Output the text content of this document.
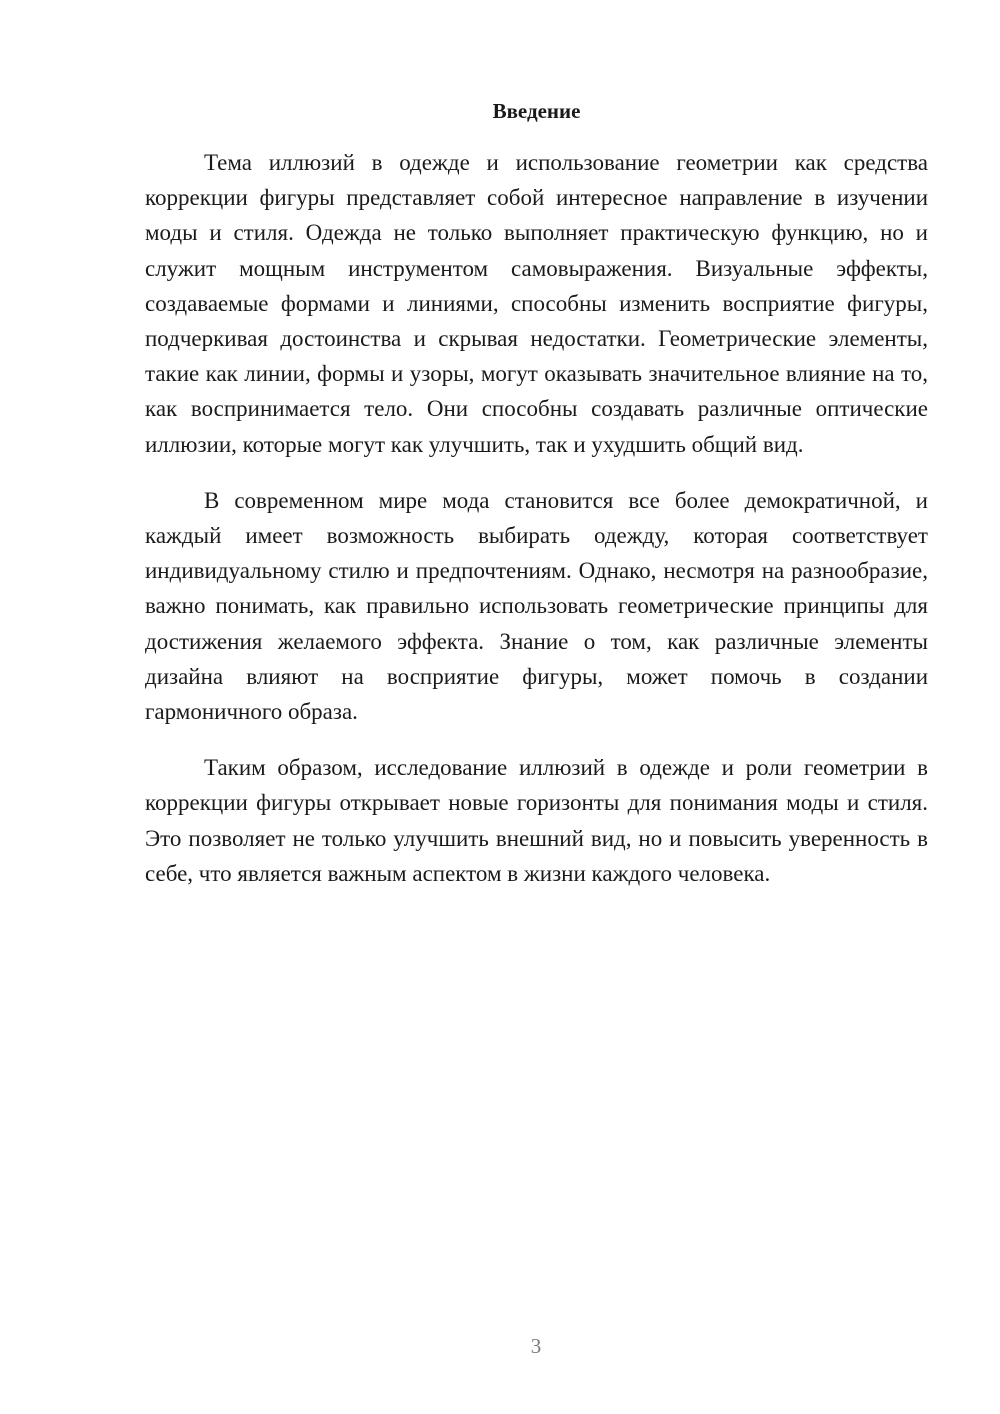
Введение

Тема иллюзий в одежде и использование геометрии как средства коррекции фигуры представляет собой интересное направление в изучении моды и стиля. Одежда не только выполняет практическую функцию, но и служит мощным инструментом самовыражения. Визуальные эффекты, создаваемые формами и линиями, способны изменить восприятие фигуры, подчеркивая достоинства и скрывая недостатки. Геометрические элементы, такие как линии, формы и узоры, могут оказывать значительное влияние на то, как воспринимается тело. Они способны создавать различные оптические иллюзии, которые могут как улучшить, так и ухудшить общий вид.

В современном мире мода становится все более демократичной, и каждый имеет возможность выбирать одежду, которая соответствует индивидуальному стилю и предпочтениям. Однако, несмотря на разнообразие, важно понимать, как правильно использовать геометрические принципы для достижения желаемого эффекта. Знание о том, как различные элементы дизайна влияют на восприятие фигуры, может помочь в создании гармоничного образа.

Таким образом, исследование иллюзий в одежде и роли геометрии в коррекции фигуры открывает новые горизонты для понимания моды и стиля. Это позволяет не только улучшить внешний вид, но и повысить уверенность в себе, что является важным аспектом в жизни каждого человека.

3
